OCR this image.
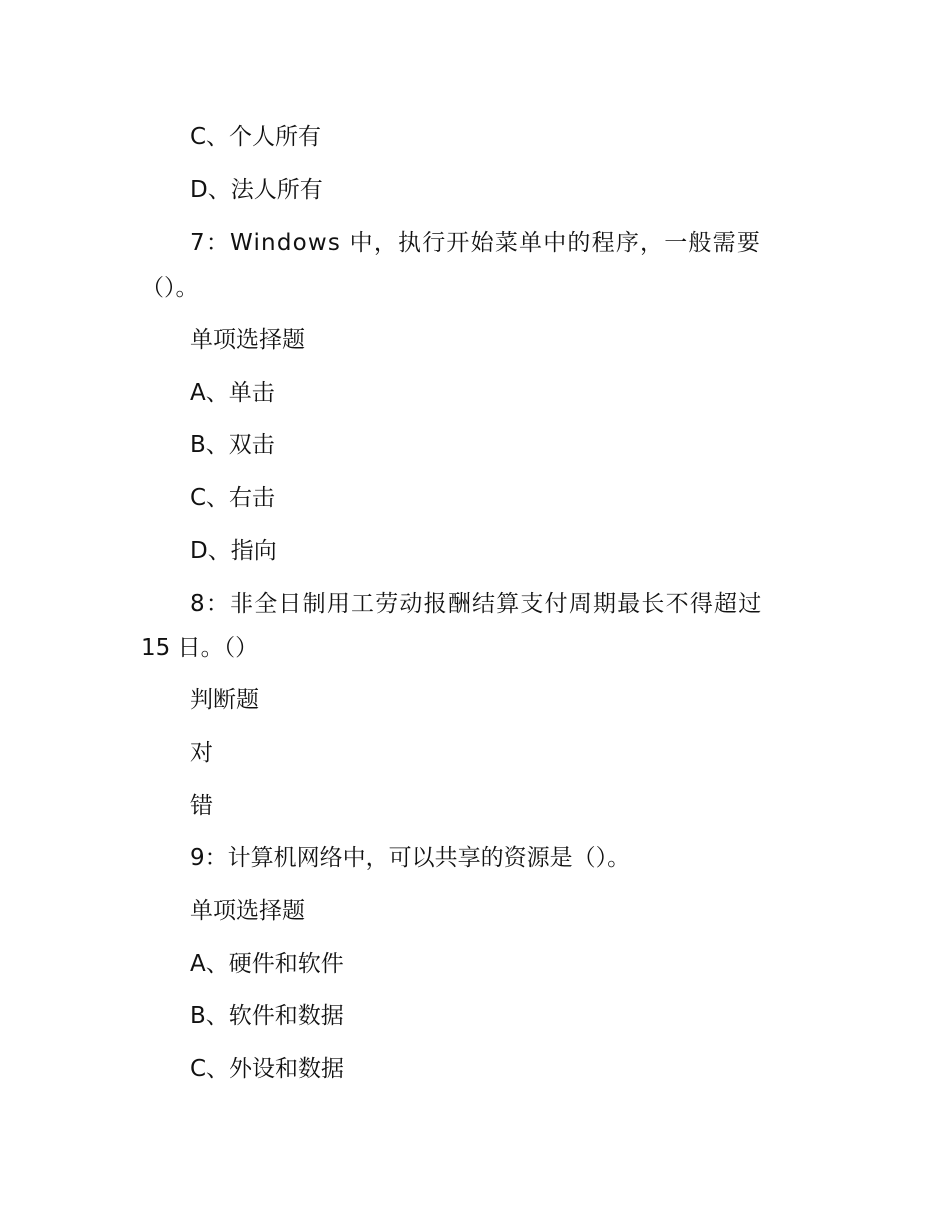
C、个人所有

D、法人所有

7：Windows 中，执行开始菜单中的程序，一般需要

（）。

单项选择题

A、单击

B、双击

C、右击

D、指向

8：非全日制用工劳动报酬结算支付周期最长不得超过

15 日。（）

判断题

对

错

9：计算机网络中，可以共享的资源是（）。

单项选择题

A、硬件和软件

B、软件和数据

C、外设和数据
